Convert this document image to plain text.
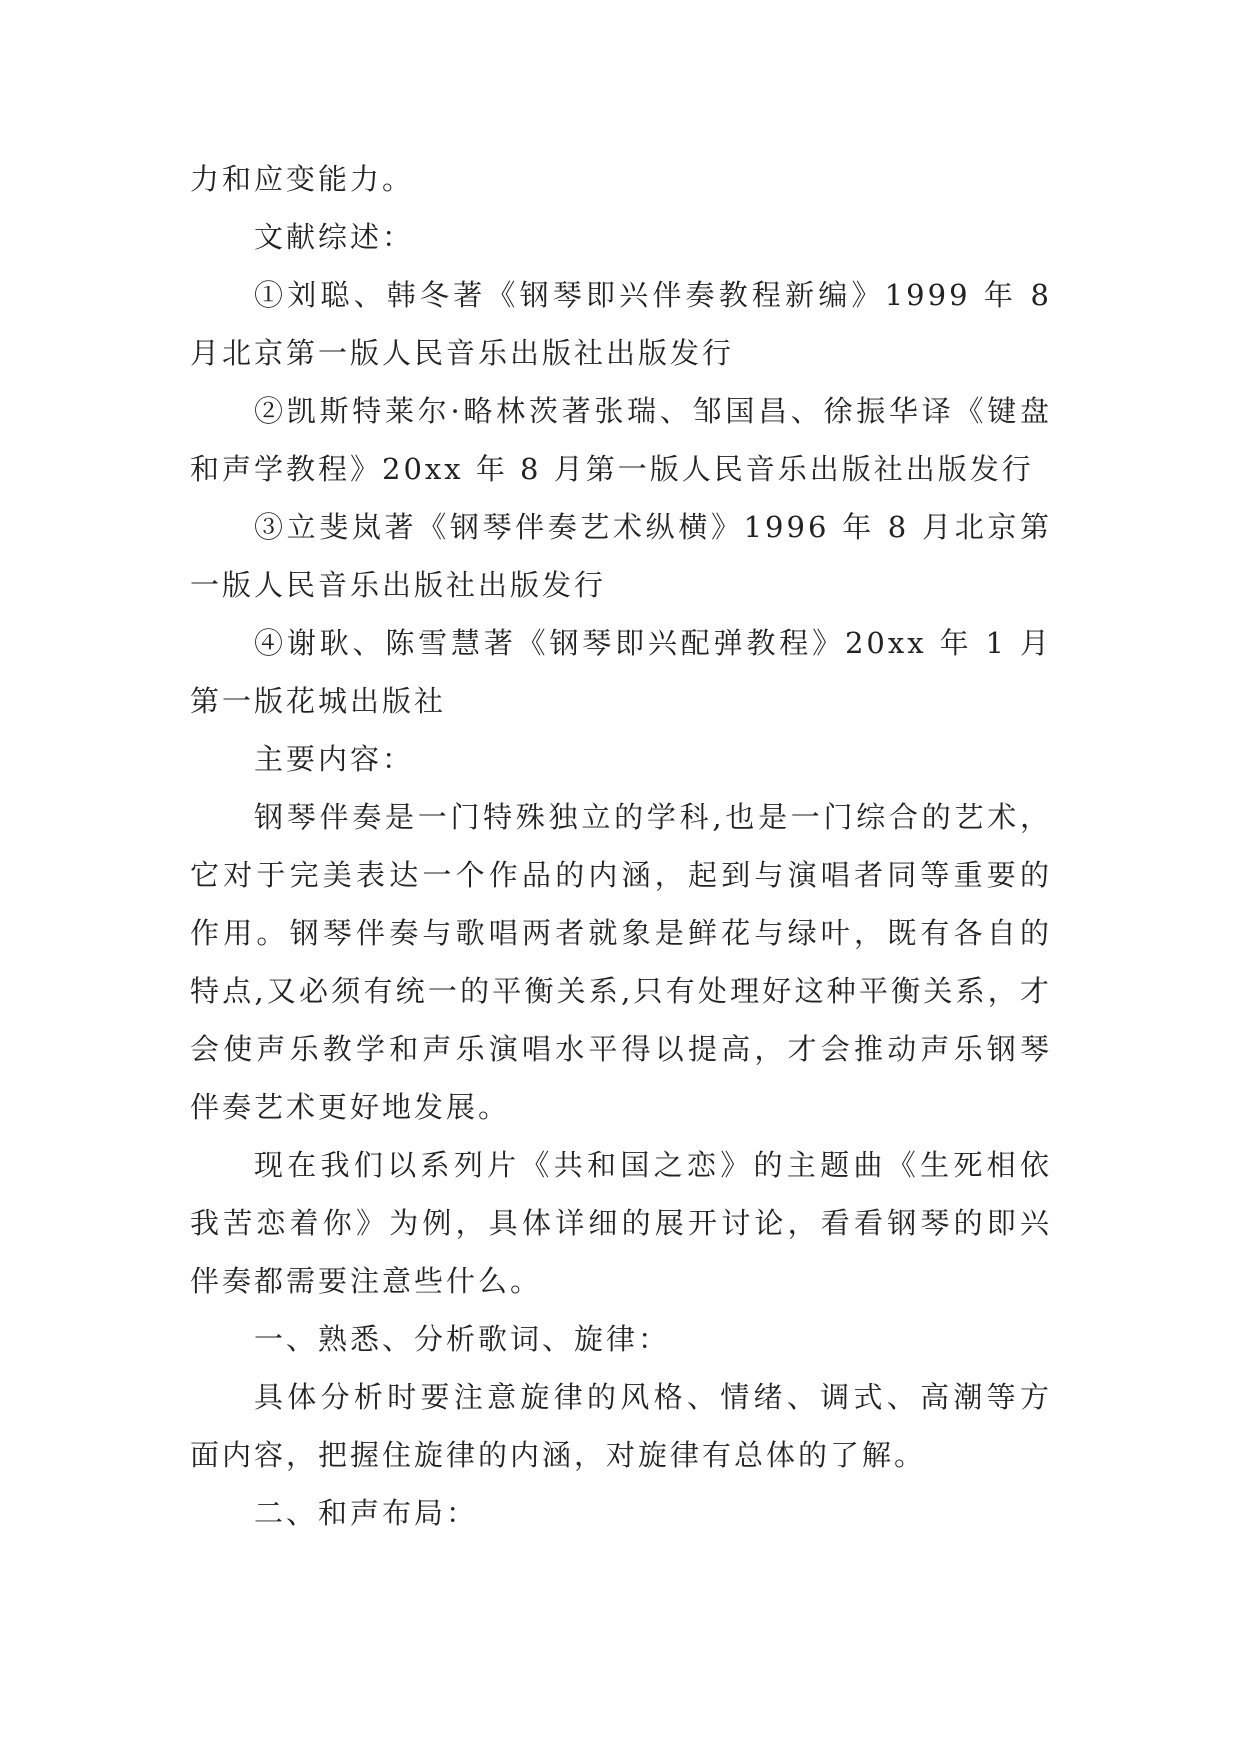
力和应变能力。

文献综述：

①刘聪、韩冬著《钢琴即兴伴奏教程新编》1999 年 8 月北京第一版人民音乐出版社出版发行

②凯斯特莱尔·略林茨著张瑞、邹国昌、徐振华译《键盘和声学教程》20xx 年 8 月第一版人民音乐出版社出版发行

③立斐岚著《钢琴伴奏艺术纵横》1996 年 8 月北京第一版人民音乐出版社出版发行

④谢耿、陈雪慧著《钢琴即兴配弹教程》20xx 年 1 月第一版花城出版社

主要内容：

钢琴伴奏是一门特殊独立的学科,也是一门综合的艺术，它对于完美表达一个作品的内涵，起到与演唱者同等重要的作用。钢琴伴奏与歌唱两者就象是鲜花与绿叶，既有各自的特点,又必须有统一的平衡关系,只有处理好这种平衡关系，才会使声乐教学和声乐演唱水平得以提高，才会推动声乐钢琴伴奏艺术更好地发展。

现在我们以系列片《共和国之恋》的主题曲《生死相依我苦恋着你》为例，具体详细的展开讨论，看看钢琴的即兴伴奏都需要注意些什么。

一、熟悉、分析歌词、旋律：

具体分析时要注意旋律的风格、情绪、调式、高潮等方面内容，把握住旋律的内涵，对旋律有总体的了解。

二、和声布局：
